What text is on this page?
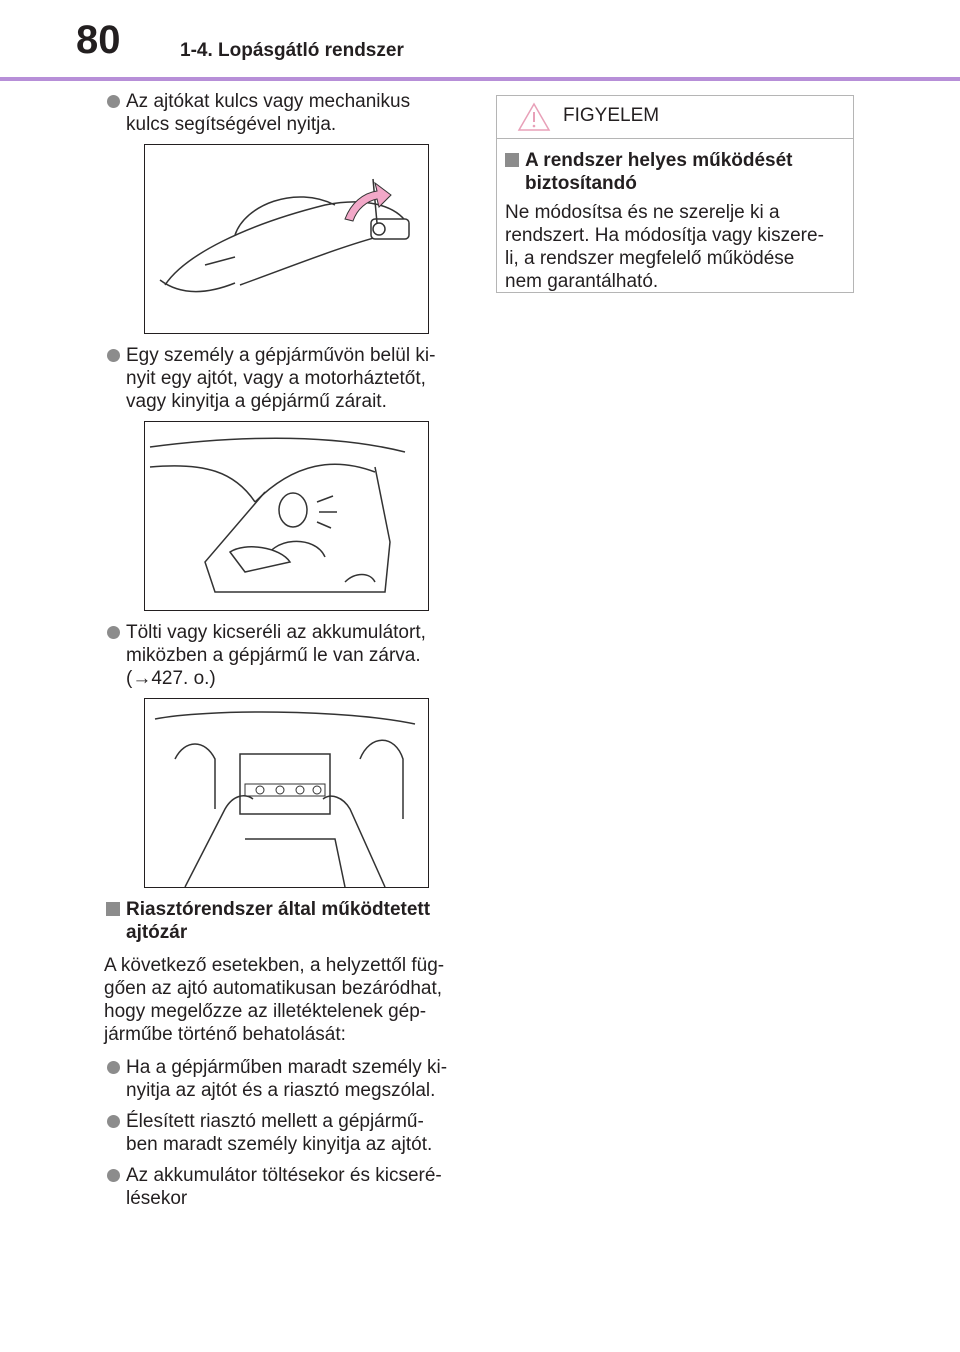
80	1-4. Lopásgátló rendszer
Az ajtókat kulcs vagy mechanikus
kulcs segítségével nyitja.
Egy személy a gépjárművön belül ki-
nyit egy ajtót, vagy a motorháztetőt,
vagy kinyitja a gépjármű zárait.
Tölti vagy kicseréli az akkumulátort,
miközben a gépjármű le van zárva.
(→427. o.)
Riasztórendszer által működtetett
ajtózár
A következő esetekben, a helyzettől füg-
gően az ajtó automatikusan bezáródhat,
hogy megelőzze az illetéktelenek gép-
járműbe történő behatolását:
Ha a gépjárműben maradt személy ki-
nyitja az ajtót és a riasztó megszólal.
Élesített riasztó mellett a gépjármű-
ben maradt személy kinyitja az ajtót.
Az akkumulátor töltésekor és kicseré-
lésekor
FIGYELEM
A rendszer helyes működését
biztosítandó
Ne módosítsa és ne szerelje ki a
rendszert. Ha módosítja vagy kiszere-
li, a rendszer megfelelő működése
nem garantálható.
